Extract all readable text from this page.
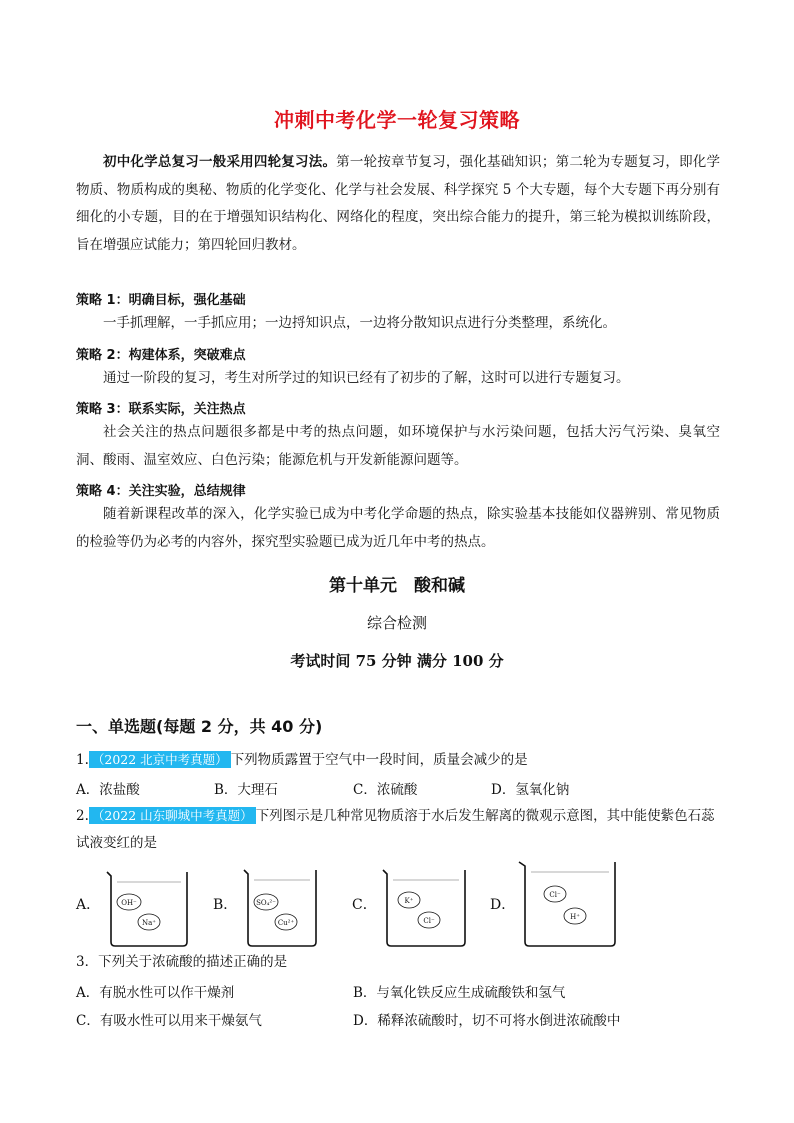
冲刺中考化学一轮复习策略

初中化学总复习一般采用四轮复习法。第一轮按章节复习，强化基础知识；第二轮为专题复习，即化学物质、物质构成的奥秘、物质的化学变化、化学与社会发展、科学探究 5 个大专题，每个大专题下再分别有细化的小专题，目的在于增强知识结构化、网络化的程度，突出综合能力的提升，第三轮为模拟训练阶段，旨在增强应试能力；第四轮回归教材。

策略 1：明确目标，强化基础

一手抓理解，一手抓应用；一边捋知识点，一边将分散知识点进行分类整理，系统化。

策略 2：构建体系，突破难点

通过一阶段的复习，考生对所学过的知识已经有了初步的了解，这时可以进行专题复习。

策略 3：联系实际，关注热点

社会关注的热点问题很多都是中考的热点问题，如环境保护与水污染问题，包括大污气污染、臭氧空洞、酸雨、温室效应、白色污染；能源危机与开发新能源问题等。

策略 4：关注实验，总结规律

随着新课程改革的深入，化学实验已成为中考化学命题的热点，除实验基本技能如仪器辨别、常见物质的检验等仍为必考的内容外，探究型实验题已成为近几年中考的热点。

第十单元　酸和碱
综合检测
考试时间 75 分钟 满分 100 分
一、单选题(每题 2 分，共 40 分)
1. （2022 北京中考真题） 下列物质露置于空气中一段时间，质量会减少的是
A．浓盐酸	B．大理石	C．浓硫酸	D．氢氧化钠
2. （2022 山东聊城中考真题） 下列图示是几种常见物质溶于水后发生解离的微观示意图，其中能使紫色石蕊试液变红的是
A．	OH⁻
Na⁺
B．	SO₄²⁻
Cu²⁺
C．	K⁺
Cl⁻
D．
Cl⁻
H⁺
3．下列关于浓硫酸的描述正确的是
A．有脱水性可以作干燥剂	B．与氧化铁反应生成硫酸铁和氢气
C．有吸水性可以用来干燥氨气	D．稀释浓硫酸时，切不可将水倒进浓硫酸中
